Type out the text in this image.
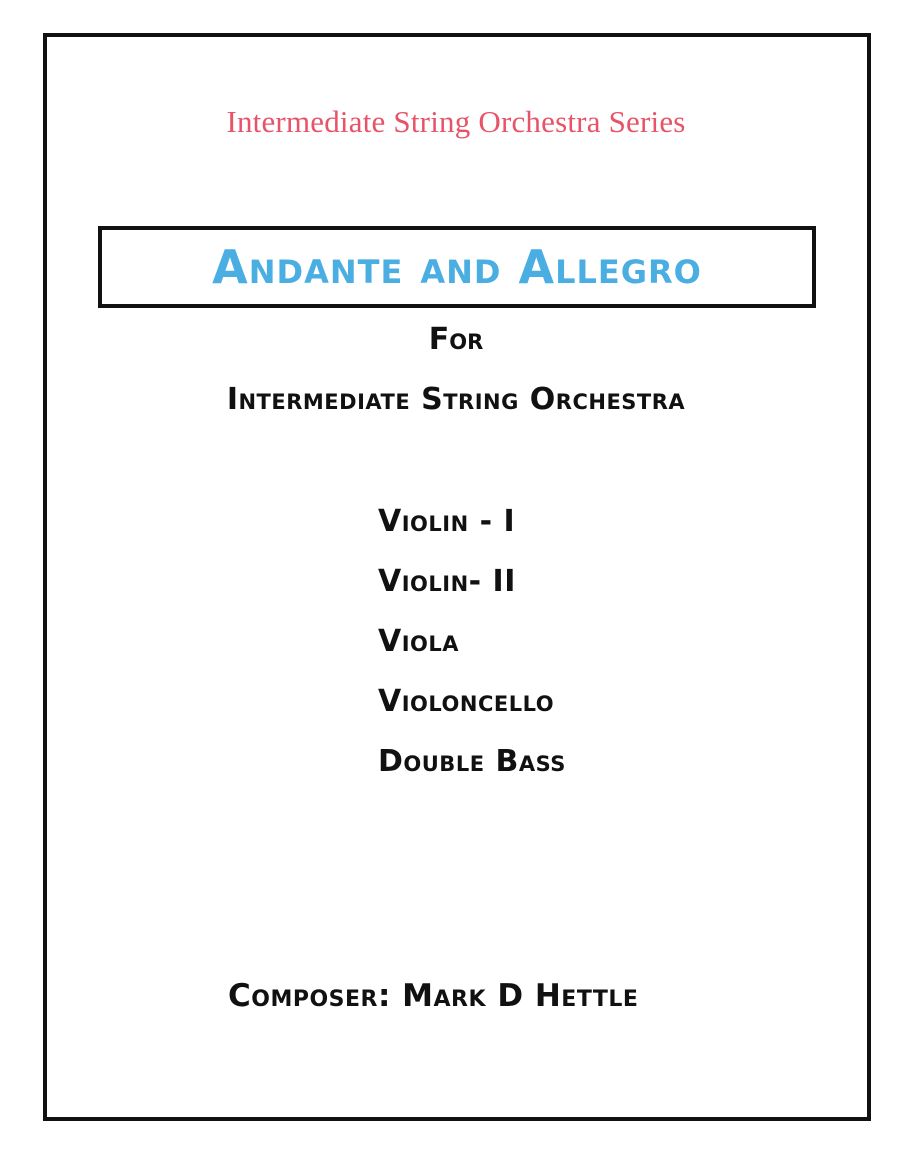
Intermediate String Orchestra Series
Andante and Allegro
For
Intermediate String Orchestra
Violin - I
Violin- II
Viola
Violoncello
Double Bass
Composer: Mark D Hettle
